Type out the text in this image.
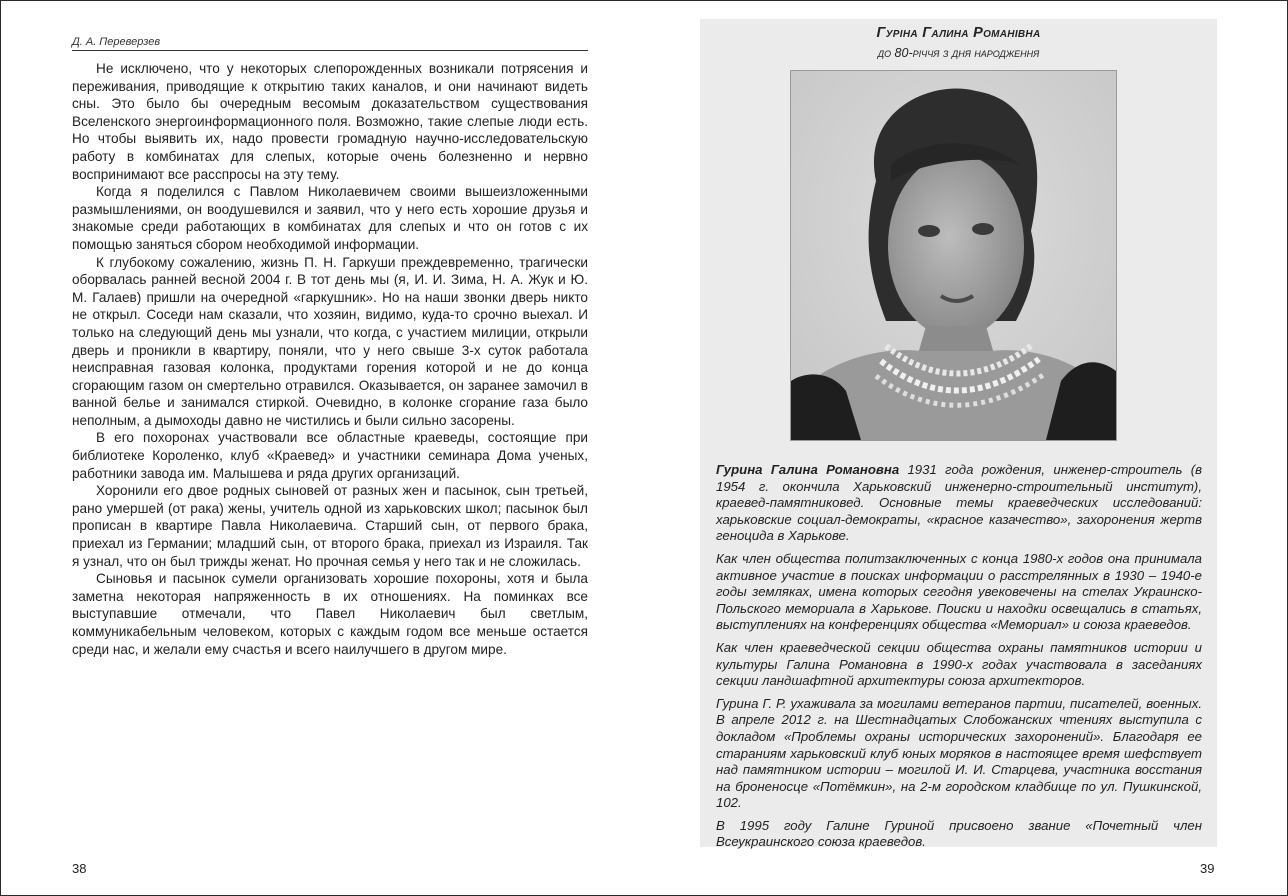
Д. А. Переверзев

Не исключено, что у некоторых слепорожденных возникали потрясения и переживания, приводящие к открытию таких каналов, и они начинают видеть сны. Это было бы очередным весомым доказательством существования Вселенского энергоинформационного поля. Возможно, такие слепые люди есть. Но чтобы выявить их, надо провести громадную научно-исследовательскую работу в комбинатах для слепых, которые очень болезненно и нервно воспринимают все расспросы на эту тему.

Когда я поделился с Павлом Николаевичем своими вышеизложенными размышлениями, он воодушевился и заявил, что у него есть хорошие друзья и знакомые среди работающих в комбинатах для слепых и что он готов с их помощью заняться сбором необходимой информации.

К глубокому сожалению, жизнь П. Н. Гаркуши преждевременно, трагически оборвалась ранней весной 2004 г. В тот день мы (я, И. И. Зима, Н. А. Жук и Ю. М. Галаев) пришли на очередной «гаркушник». Но на наши звонки дверь никто не открыл. Соседи нам сказали, что хозяин, видимо, куда-то срочно выехал. И только на следующий день мы узнали, что когда, с участием милиции, открыли дверь и проникли в квартиру, поняли, что у него свыше 3-х суток работала неисправная газовая колонка, продуктами горения которой и не до конца сгорающим газом он смертельно отравился. Оказывается, он заранее замочил в ванной белье и занимался стиркой. Очевидно, в колонке сгорание газа было неполным, а дымоходы давно не чистились и были сильно засорены.

В его похоронах участвовали все областные краеведы, состоящие при библиотеке Короленко, клуб «Краевед» и участники семинара Дома ученых, работники завода им. Малышева и ряда других организаций.

Хоронили его двое родных сыновей от разных жен и пасынок, сын третьей, рано умершей (от рака) жены, учитель одной из харьковских школ; пасынок был прописан в квартире Павла Николаевича. Старший сын, от первого брака, приехал из Германии; младший сын, от второго брака, приехал из Израиля. Так я узнал, что он был трижды женат. Но прочная семья у него так и не сложилась.

Сыновья и пасынок сумели организовать хорошие похороны, хотя и была заметна некоторая напряженность в их отношениях. На поминках все выступавшие отмечали, что Павел Николаевич был светлым, коммуникабельным человеком, которых с каждым годом все меньше остается среди нас, и желали ему счастья и всего наилучшего в другом мире.

38
Гуріна Галина Романівна
до 80-річчя з дня народження

Гурина Галина Романовна 1931 года рождения, инженер-строитель (в 1954 г. окончила Харьковский инженерно-строительный институт), краевед-памятниковед. Основные темы краеведческих исследований: харьковские социал-демократы, «красное казачество», захоронения жертв геноцида в Харькове.

Как член общества политзаключенных с конца 1980-х годов она принимала активное участие в поисках информации о расстрелянных в 1930 – 1940-е годы земляках, имена которых сегодня увековечены на стелах Украинско-Польского мемориала в Харькове. Поиски и находки освещались в статьях, выступлениях на конференциях общества «Мемориал» и союза краеведов.

Как член краеведческой секции общества охраны памятников истории и культуры Галина Романовна в 1990-х годах участвовала в заседаниях секции ландшафтной архитектуры союза архитекторов.

Гурина Г. Р. ухаживала за могилами ветеранов партии, писателей, военных. В апреле 2012 г. на Шестнадцатых Слобожанских чтениях выступила с докладом «Проблемы охраны исторических захоронений». Благодаря ее стараниям харьковский клуб юных моряков в настоящее время шефствует над памятником истории – могилой И. И. Старцева, участника восстания на броненосце «Потёмкин», на 2-м городском кладбище по ул. Пушкинской, 102.

В 1995 году Галине Гуриной присвоено звание «Почетный член Всеукраинского союза краеведов.

39
